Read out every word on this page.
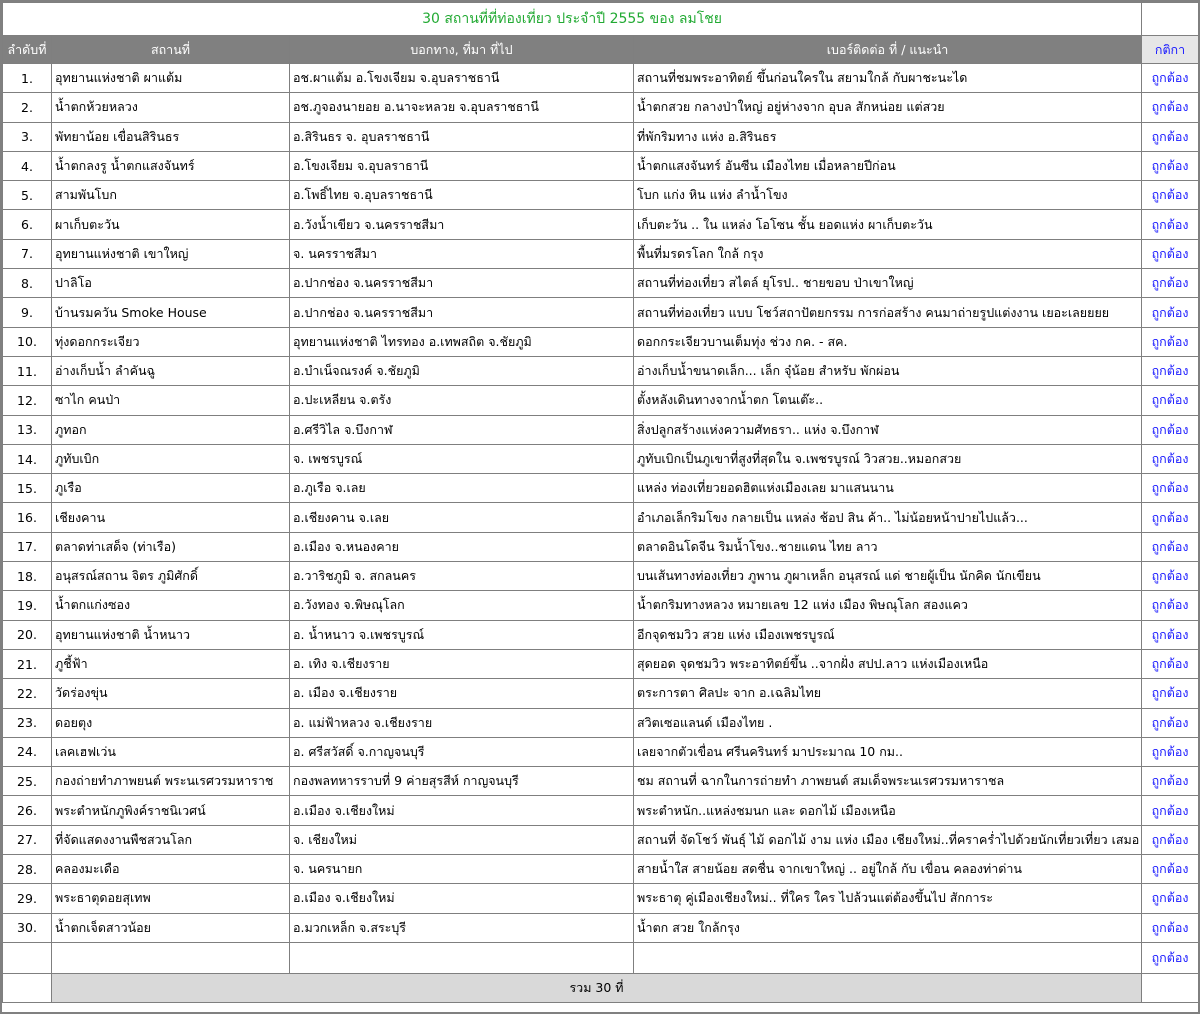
30 สถานที่ที่ท่องเที่ยว ประจำปี 2555 ของ ลมโชย				
ลำดับที่	สถานที่	บอกทาง, ที่มา ที่ไป	เบอร์ติดต่อ ที่ / แนะนำ	กติกา
1.	อุทยานแห่งชาติ ผาแต้ม	อช.ผาแต้ม อ.โขงเจียม จ.อุบลราชธานี	สถานที่ชมพระอาทิตย์ ขึ้นก่อนใครใน สยามใกล้ กับผาชะนะได	ถูกต้อง
2.	น้ำตกห้วยหลวง	อช.ภูจองนายอย อ.นาจะหลวย จ.อุบลราชธานี	น้ำตกสวย กลางป่าใหญ่ อยู่ห่างจาก อุบล สักหน่อย แต่สวย	ถูกต้อง
3.	พัทยาน้อย เขื่อนสิรินธร	อ.สิรินธร จ. อุบลราชธานี	ที่พักริมทาง แห่ง อ.สิรินธร	ถูกต้อง
4.	น้ำตกลงรู น้ำตกแสงจันทร์	อ.โขงเจียม จ.อุบลราธานี	น้ำตกแสงจันทร์ อันซีน เมืองไทย เมื่อหลายปีก่อน	ถูกต้อง
5.	สามพันโบก	อ.โพธิ์ไทย จ.อุบลราชธานี	โบก แก่ง หิน แห่ง ลำน้ำโขง	ถูกต้อง
6.	ผาเก็บตะวัน	อ.วังน้ำเขียว จ.นครราชสีมา	เก็บตะวัน .. ใน แหล่ง โอโซน ชั้น ยอดแห่ง ผาเก็บตะวัน	ถูกต้อง
7.	อุทยานแห่งชาติ เขาใหญ่	จ. นครราชสีมา	พื้นที่มรดรโลก ใกล้ กรุง	ถูกต้อง
8.	ปาลิโอ	อ.ปากช่อง จ.นครราชสีมา	สถานที่ท่องเที่ยว สไตล์ ยุโรป.. ชายขอบ ป่าเขาใหญ่	ถูกต้อง
9.	บ้านรมควัน Smoke House	อ.ปากช่อง จ.นครราชสีมา	สถานที่ท่องเที่ยว แบบ โชว์สถาปัตยกรรม การก่อสร้าง คนมาถ่ายรูปแต่งงาน เยอะเลยยยย	ถูกต้อง
10.	ทุ่งดอกกระเจียว	อุทยานแห่งชาติ ไทรทอง อ.เทพสถิต จ.ชัยภูมิ	ดอกกระเจียวบานเต็มทุ่ง ช่วง กค. - สค.	ถูกต้อง
11.	อ่างเก็บน้ำ ลำคันฉู	อ.บำเน็จณรงค์ จ.ชัยภูมิ	อ่างเก็บน้ำขนาดเล็ก... เล็ก จุ๋น้อย สำหรับ พักผ่อน	ถูกต้อง
12.	ซาไก คนป่า	อ.ปะเหลียน จ.ตรัง	ตั้งหลังเดินทางจากน้ำตก โตนเต๊ะ..	ถูกต้อง
13.	ภูทอก	อ.ศรีวิไล จ.บึงกาฬ	สิ่งปลูกสร้างแห่งความศัทธรา.. แห่ง จ.บึงกาฬ	ถูกต้อง
14.	ภูทับเบิก	จ. เพชรบูรณ์	ภูทับเบิกเป็นภูเขาที่สูงที่สุดใน จ.เพชรบูรณ์ วิวสวย..หมอกสวย	ถูกต้อง
15.	ภูเรือ	อ.ภูเรือ จ.เลย	แหล่ง ท่องเที่ยวยอดฮิตแห่งเมืองเลย มาแสนนาน	ถูกต้อง
16.	เชียงคาน	อ.เชียงคาน จ.เลย	อำเภอเล็กริมโขง กลายเป็น แหล่ง ช้อป สิน ค้า.. ไม่น้อยหน้าปายไปแล้ว...	ถูกต้อง
17.	ตลาดท่าเสด็จ (ท่าเรือ)	อ.เมือง จ.หนองคาย	ตลาดอินโดจีน ริมน้ำโขง..ชายแดน ไทย ลาว	ถูกต้อง
18.	อนุสรณ์สถาน จิตร ภูมิศักดิ์	อ.วาริชภูมิ จ. สกลนคร	บนเส้นทางท่องเที่ยว ภูพาน ภูผาเหล็ก อนุสรณ์ แด่ ชายผู้เป็น นักคิด นักเขียน	ถูกต้อง
19.	น้ำตกแก่งซอง	อ.วังทอง จ.พิษณุโลก	น้ำตกริมทางหลวง หมายเลข 12 แห่ง เมือง พิษณุโลก สองแคว	ถูกต้อง
20.	อุทยานแห่งชาติ น้ำหนาว	อ. น้ำหนาว จ.เพชรบูรณ์	อีกจุดชมวิว สวย แห่ง เมืองเพชรบูรณ์	ถูกต้อง
21.	ภูชี้ฟ้า	อ. เทิง จ.เชียงราย	สุดยอด จุดชมวิว พระอาทิตย์ขึ้น ..จากฝั่ง สปป.ลาว แห่งเมืองเหนือ	ถูกต้อง
22.	วัดร่องขุ่น	อ. เมือง จ.เชียงราย	ตระการตา ศิลปะ จาก อ.เฉลิมไทย	ถูกต้อง
23.	ดอยตุง	อ. แม่ฟ้าหลวง จ.เชียงราย	สวิตเซอแลนด์ เมืองไทย .	ถูกต้อง
24.	เลคเฮฟเว่น	อ. ศรีสวัสดิ์ จ.กาญจนบุรี	เลยจากตัวเขื่อน ศรีนครินทร์ มาประมาณ 10 กม..	ถูกต้อง
25.	กองถ่ายทำภาพยนต์ พระนเรศวรมหาราช	กองพลทหารราบที่ 9 ค่ายสุรสีห์ กาญจนบุรี	ชม สถานที่ ฉากในการถ่ายทำ ภาพยนต์ สมเด็จพระนเรศวรมหาราชล	ถูกต้อง
26.	พระตำหนักภูพิงค์ราชนิเวศน์	อ.เมือง จ.เชียงใหม่	พระตำหนัก..แหล่งชมนก และ ดอกไม้ เมืองเหนือ	ถูกต้อง
27.	ที่จัดแสดงงานพืชสวนโลก	จ. เชียงใหม่	สถานที่ จัดโชว์ พันธุ์ ไม้ ดอกไม้ งาม แห่ง เมือง เชียงใหม่..ที่คราคร่ำไปด้วยนักเที่ยวเที่ยว เสมอ	ถูกต้อง
28.	คลองมะเดือ	จ. นครนายก	สายน้ำใส สายน้อย สดชื่น จากเขาใหญ่ .. อยู่ใกล้ กับ เขื่อน คลองท่าด่าน	ถูกต้อง
29.	พระธาตุดอยสุเทพ	อ.เมือง จ.เชียงใหม่	พระธาตุ คู่เมืองเชียงใหม่.. ที่ใคร ใคร ไปล้วนแต่ต้องขึ้นไป สักการะ	ถูกต้อง
30.	น้ำตกเจ็ดสาวน้อย	อ.มวกเหล็ก จ.สระบุรี	น้ำตก สวย ใกล้กรุง	ถูกต้อง
				ถูกต้อง
	รวม 30 ที่			
